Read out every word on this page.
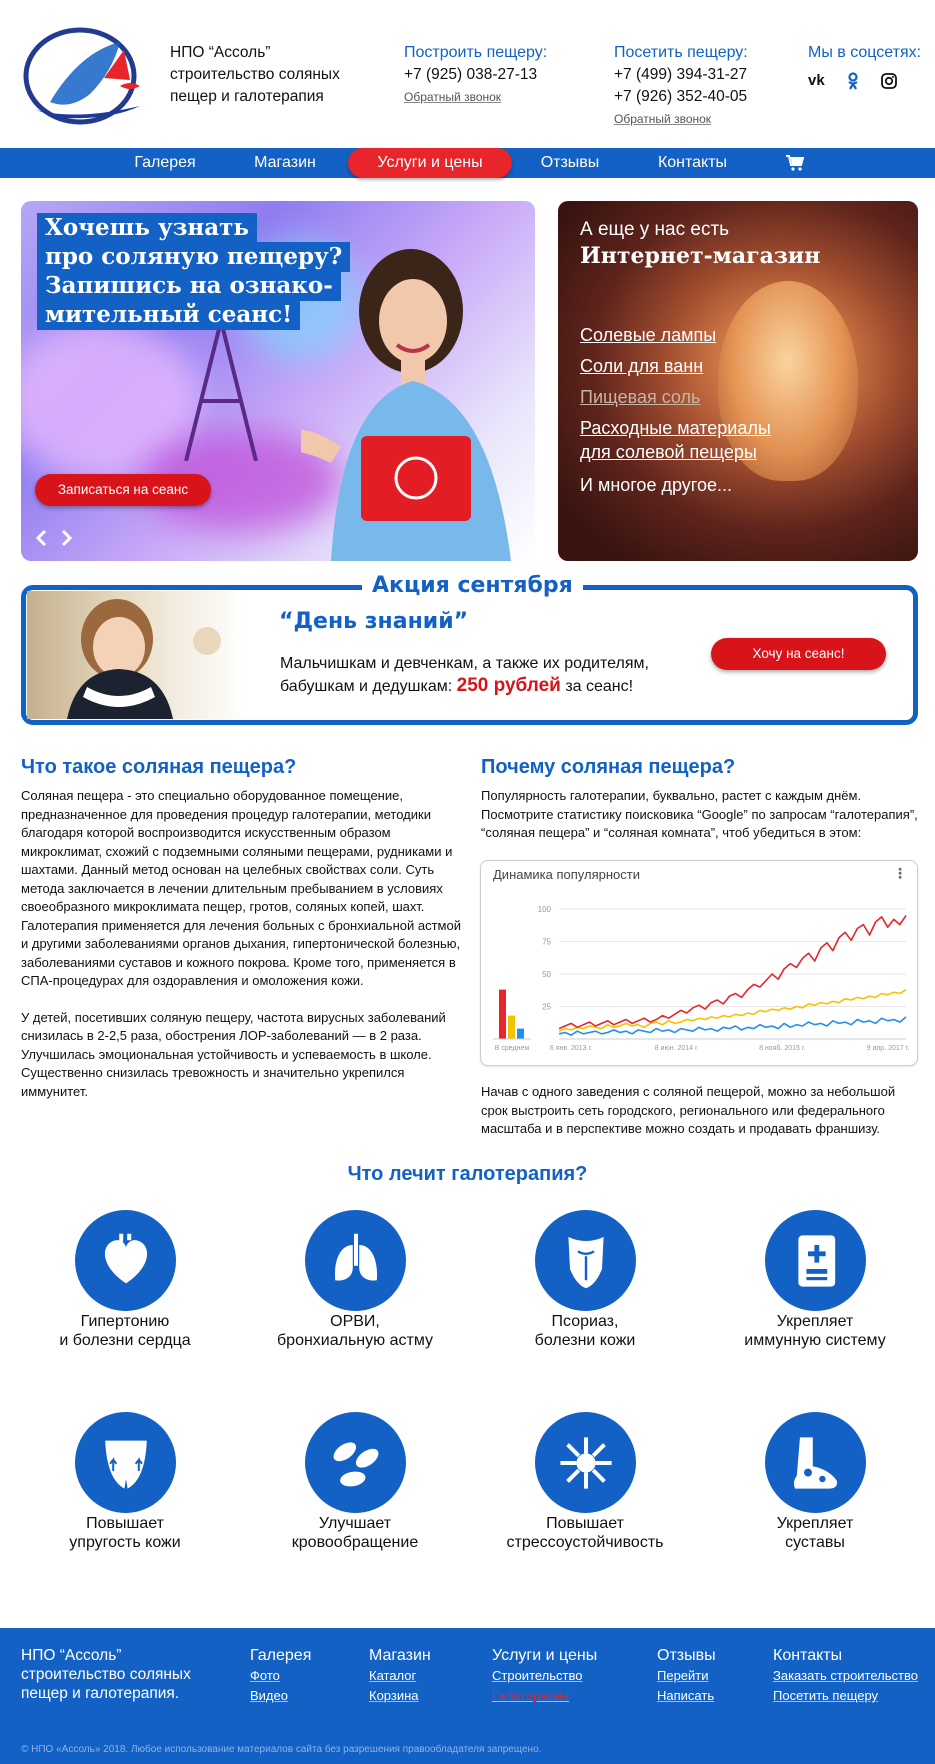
НПО “Ассоль”
строительство соляных
пещер и галотерапия
Построить пещеру:
+7 (925) 038-27-13
Обратный звонок
Посетить пещеру:
+7 (499) 394-31-27
+7 (926) 352-40-05
Обратный звонок
Мы в соцсетях:
vk
Галерея	Магазин	Услуги и цены	Отзывы	Контакты
Хочешь узнать
про соляную пещеру?
Запишись на ознако-
мительный сеанс!
Записаться на сеанс
А еще у нас есть
Интернет-магазин
Солевые лампы
Соли для ванн
Пищевая соль
Расходные материалы
для солевой пещеры
И многое другое...
Акция сентября
“День знаний”
Мальчишкам и девченкам, а также их родителям,
бабушкам и дедушкам: 250 рублей за сеанс!
Хочу на сеанс!
Что такое соляная пещера?

Соляная пещера - это специально оборудованное помещение, предназначенное для проведения процедур галотерапии, методики благодаря которой воспроизводится искусственным образом микроклимат, схожий с подземными соляными пещерами, рудниками и шахтами. Данный метод основан на целебных свойствах соли. Суть метода заключается в лечении длительным пребыванием в условиях своеобразного микроклимата пещер, гротов, соляных копей, шахт.

Галотерапия применяется для лечения больных с бронхиальной астмой и другими заболеваниями органов дыхания, гипертонической болезнью, заболеваниями суставов и кожного покрова. Кроме того, применяется в СПА-процедурах для оздоравления и омоложения кожи.

У детей, посетивших соляную пещеру, частота вирусных заболеваний снизилась в 2-2,5 раза, обострения ЛОР-заболеваний — в 2 раза. Улучшилась эмоциональная устойчивость и успеваемость в школе. Существенно снизилась тревожность и значительно укрепился иммунитет.

Почему соляная пещера?
Популярность галотерапии, буквально, растет с каждым днём. Посмотрите статистику поисковика “Google” по запросам “галотерапия”, “соляная пещера” и “соляная комната”, чтоб убедиться в этом:
Динамика популярности	⋮
25
50
75
100
В среднем	6 янв. 2013 г.	8 июн. 2014 г.	8 нояб. 2015 г.	9 апр. 2017 г.
Начав с одного заведения с соляной пещерой, можно за небольшой срок выстроить сеть городского, регионального или федерального масштаба и в перспективе можно создать и продавать франшизу.
Что лечит галотерапия?
Гипертонию
и болезни сердца
ОРВИ,
бронхиальную астму
Псориаз,
болезни кожи
Укрепляет
иммунную систему
Повышает
упругость кожи
Улучшает
кровообращение
Повышает
стрессоустойчивость
Укрепляет
суставы
НПО “Ассоль”
строительство соляных
пещер и галотерапия.
Галерея
Фото
Видео
Магазин
Каталог
Корзина
Услуги и цены
Строительство
Галотерапия
Отзывы
Перейти
Написать
Контакты
Заказать строительство
Посетить пещеру
© НПО «Ассоль» 2018. Любое использование материалов сайта без разрешения правообладателя запрещено.
